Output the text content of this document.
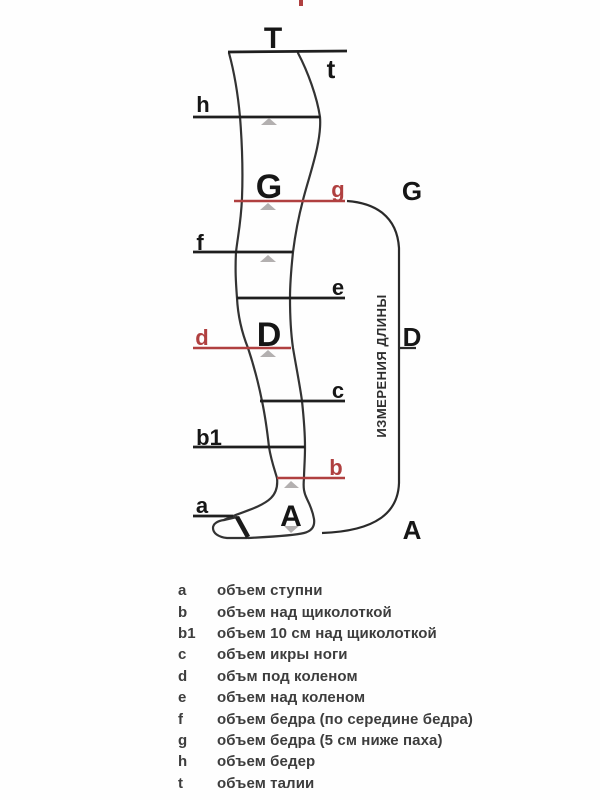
ИЗМЕРЕНИЯ ДЛИНЫ
T
t
h
G g G
f
e
d D	D
c
b1
b
a A	A
a	объем ступни
b	объем над щиколоткой
b1	объем 10 см над щиколоткой
c	объем икры ноги
d	объм под коленом
e	объем над коленом
f	объем бедра (по середине бедра)
g	объем бедра (5 см ниже паха)
h	объем бедер
t	объем талии
